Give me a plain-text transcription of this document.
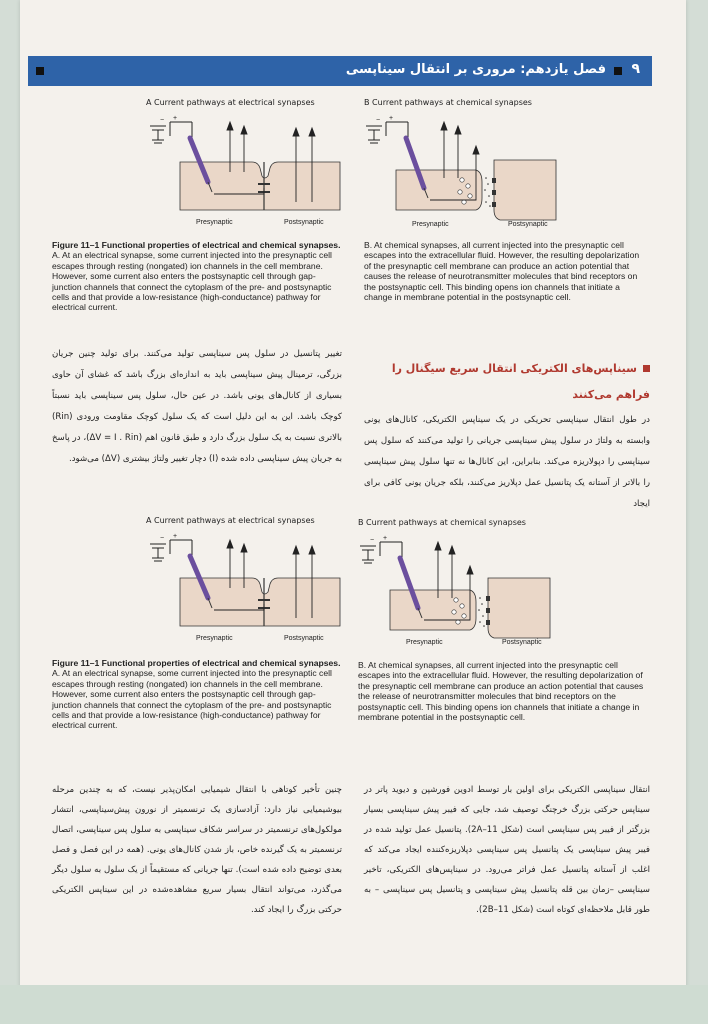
۹
فصل یازدهم: مروری بر انتقال سیناپسی
A Current pathways at electrical synapses	B Current pathways at chemical synapses
− +
Presynaptic	Postsynaptic
− +
Presynaptic	Postsynaptic
Figure 11–1 Functional properties of electrical and chemical synapses.
A. At an electrical synapse, some current injected into the presynaptic cell escapes through resting (nongated) ion channels in the cell membrane. However, some current also enters the postsynaptic cell through gap-junction channels that connect the cytoplasm of the pre- and postsynaptic cells and that provide a low-resistance (high-conductance) pathway for electrical current.
B. At chemical synapses, all current injected into the presynaptic cell escapes into the extracellular fluid. However, the resulting depolarization of the presynaptic cell membrane can produce an action potential that causes the release of neurotransmitter molecules that bind receptors on the postsynaptic cell. This binding opens ion channels that initiate a change in membrane potential in the postsynaptic cell.
تغییر پتانسیل در سلول پس سیناپسی تولید می‌کنند. برای تولید چنین جریان بزرگی، ترمینال پیش سیناپسی باید به اندازه‌ای بزرگ باشد که غشای آن حاوی بسیاری از کانال‌های یونی باشد. در عین حال، سلول پس سیناپسی باید نسبتاً کوچک باشد. این به این دلیل است که یک سلول کوچک مقاومت ورودی (Rin) بالاتری نسبت به یک سلول بزرگ دارد و طبق قانون اهم (ΔV = I . Rin)، در پاسخ به جریان پیش سیناپسی داده شده (I) دچار تغییر ولتاژ بیشتری (ΔV) می‌شود.
سیناپس‌های الکتریکی انتقال سریع سیگنال را فراهم می‌کنند
در طول انتقال سیناپسی تحریکی در یک سیناپس الکتریکی، کانال‌های یونی وابسته به ولتاژ در سلول پیش سیناپسی جریانی را تولید می‌کنند که سلول پس سیناپسی را دپولاریزه می‌کند. بنابراین، این کانال‌ها نه تنها سلول پیش سیناپسی را بالاتر از آستانه یک پتانسیل عمل دپلاریز می‌کنند، بلکه جریان یونی کافی برای ایجاد
A Current pathways at electrical synapses	B Current pathways at chemical synapses
− +
Presynaptic	Postsynaptic
− +
Presynaptic	Postsynaptic
Figure 11–1 Functional properties of electrical and chemical synapses.
A. At an electrical synapse, some current injected into the presynaptic cell escapes through resting (nongated) ion channels in the cell membrane. However, some current also enters the postsynaptic cell through gap-junction channels that connect the cytoplasm of the pre- and postsynaptic cells and that provide a low-resistance (high-conductance) pathway for electrical current.
B. At chemical synapses, all current injected into the presynaptic cell escapes into the extracellular fluid. However, the resulting depolarization of the presynaptic cell membrane can produce an action potential that causes the release of neurotransmitter molecules that bind receptors on the postsynaptic cell. This binding opens ion channels that initiate a change in membrane potential in the postsynaptic cell.
چنین تأخیر کوتاهی با انتقال شیمیایی امکان‌پذیر نیست، که به چندین مرحله بیوشیمیایی نیاز دارد: آزادسازی یک ترنسمیتر از نورون پیش‌سیناپسی، انتشار مولکول‌های ترنسمیتر در سراسر شکاف سیناپسی به سلول پس سیناپسی، اتصال ترنسمیتر به یک گیرنده خاص، باز شدن کانال‌های یونی. (همه در این فصل و فصل بعدی توضیح داده شده است). تنها جریانی که مستقیماً از یک سلول به سلول دیگر می‌گذرد، می‌تواند انتقال بسیار سریع مشاهده‌شده در این سیناپس الکتریکی حرکتی بزرگ را ایجاد کند.
انتقال سیناپسی الکتریکی برای اولین بار توسط ادوین فورشپن و دیوید پاتر در سیناپس حرکتی بزرگ خرچنگ توصیف شد، جایی که فیبر پیش سیناپسی بسیار بزرگتر از فیبر پس سیناپسی است (شکل 11–2A). پتانسیل عمل تولید شده در فیبر پیش سیناپسی یک پتانسیل پس سیناپسی دپلاریزه‌کننده ایجاد می‌کند که اغلب از آستانه پتانسیل عمل فراتر می‌رود. در سیناپس‌های الکتریکی، تاخیر سیناپسی –زمان بین قله پتانسیل پیش سیناپسی و پتانسیل پس سیناپسی – به طور قابل ملاحظه‌ای کوتاه است (شکل 11–2B).
